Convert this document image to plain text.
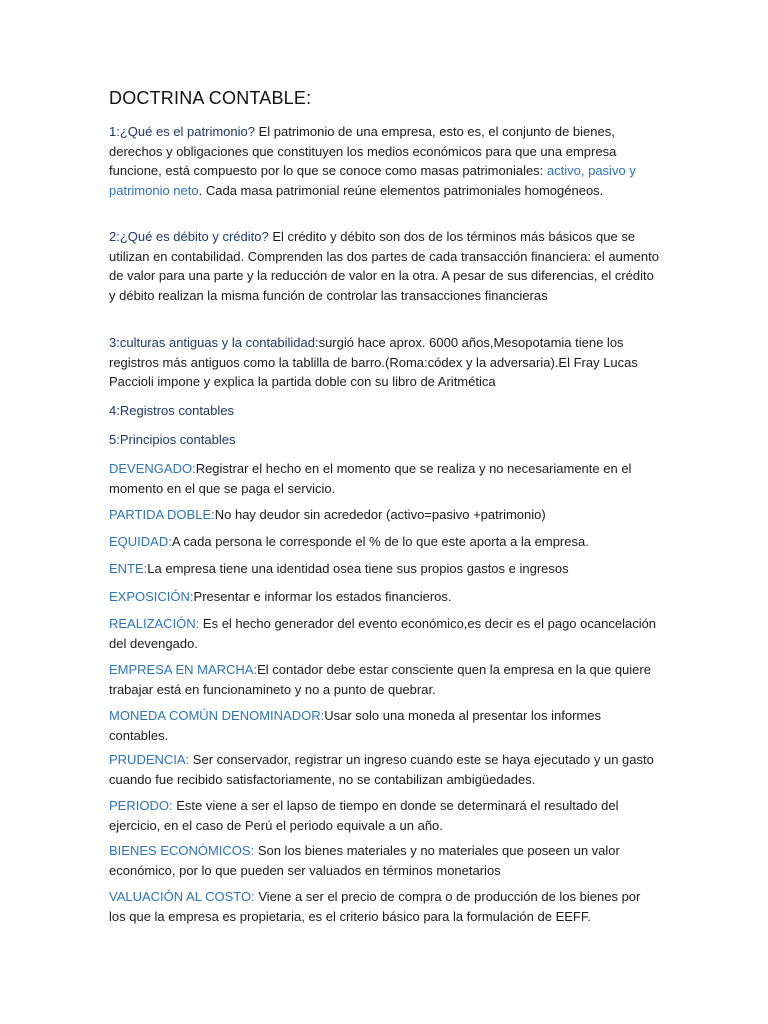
DOCTRINA CONTABLE:

1:¿Qué es el patrimonio? El patrimonio de una empresa, esto es, el conjunto de bienes, derechos y obligaciones que constituyen los medios económicos para que una empresa funcione, está compuesto por lo que se conoce como masas patrimoniales: activo, pasivo y patrimonio neto. Cada masa patrimonial reúne elementos patrimoniales homogéneos.

2:¿Qué es débito y crédito? El crédito y débito son dos de los términos más básicos que se utilizan en contabilidad. Comprenden las dos partes de cada transacción financiera: el aumento de valor para una parte y la reducción de valor en la otra. A pesar de sus diferencias, el crédito y débito realizan la misma función de controlar las transacciones financieras

3:culturas antiguas y la contabilidad:surgió hace aprox. 6000 años,Mesopotamia tiene los registros más antiguos como la tablilla de barro.(Roma:códex y la adversaria).El Fray Lucas Paccioli impone y explica la partida doble con su libro de Aritmética

4:Registros contables

5:Principios contables

DEVENGADO:Registrar el hecho en el momento que se realiza y no necesariamente en el momento en el que se paga el servicio.

PARTIDA DOBLE:No hay deudor sin acrededor (activo=pasivo +patrimonio)

EQUIDAD:A cada persona le corresponde el % de lo que este aporta a la empresa.

ENTE:La empresa tiene una identidad osea tiene sus propios gastos e ingresos

EXPOSICIÓN:Presentar e informar los estados financieros.

REALIZACIÓN: Es el hecho generador del evento económico,es decir es el pago ocancelación del devengado.

EMPRESA EN MARCHA:El contador debe estar consciente quen la empresa en la que quiere trabajar está en funcionamineto y no a punto de quebrar.

MONEDA COMÚN DENOMINADOR:Usar solo una moneda al presentar los informes contables.

PRUDENCIA: Ser conservador, registrar un ingreso cuando este se haya ejecutado y un gasto cuando fue recibido satisfactoriamente, no se contabilizan ambigüedades.

PERIODO: Este viene a ser el lapso de tiempo en donde se determinará el resultado del ejercicio, en el caso de Perú el periodo equivale a un año.

BIENES ECONÓMICOS: Son los bienes materiales y no materiales que poseen un valor económico, por lo que pueden ser valuados en términos monetarios

VALUACIÓN AL COSTO: Viene a ser el precio de compra o de producción de los bienes por los que la empresa es propietaria, es el criterio básico para la formulación de EEFF.
